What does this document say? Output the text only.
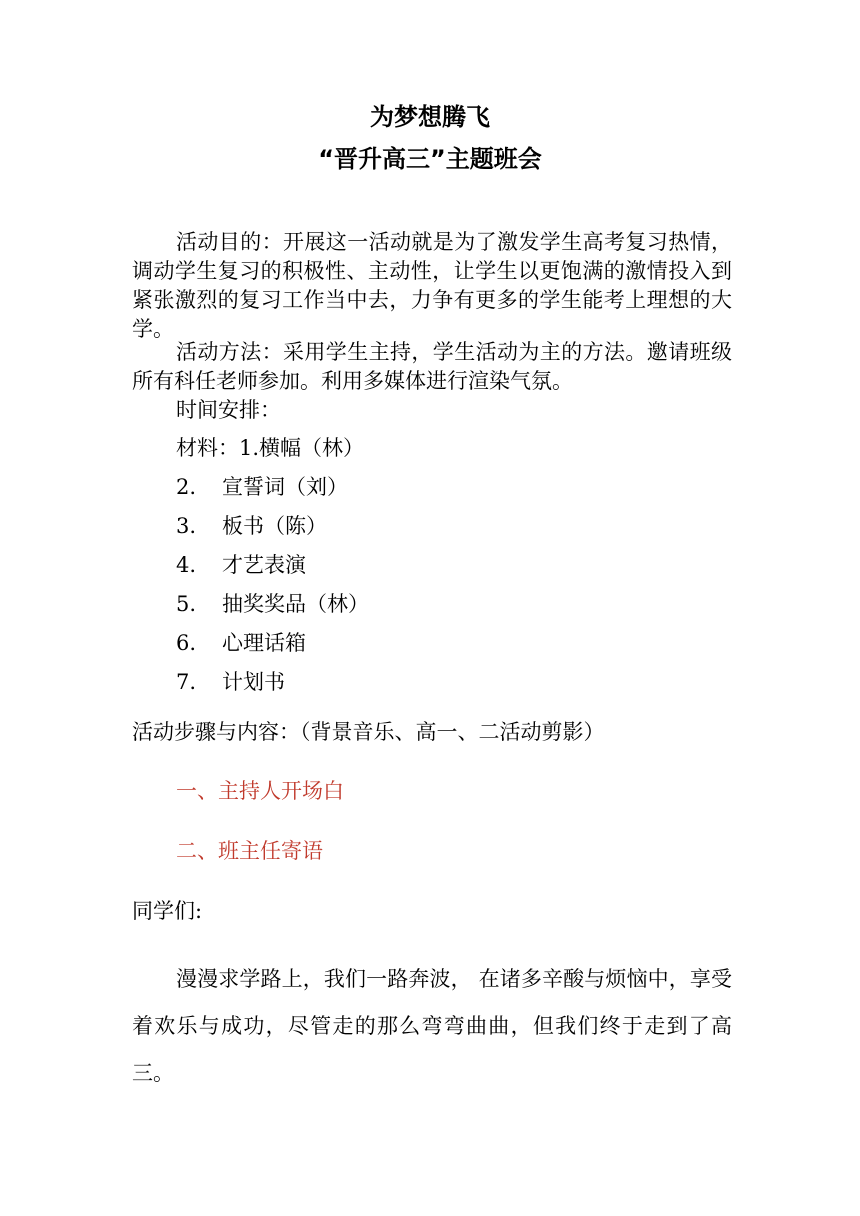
为梦想腾飞
“晋升高三”主题班会
活动目的：开展这一活动就是为了激发学生高考复习热情，调动学生复习的积极性、主动性，让学生以更饱满的激情投入到紧张激烈的复习工作当中去，力争有更多的学生能考上理想的大学。
活动方法：采用学生主持，学生活动为主的方法。邀请班级所有科任老师参加。利用多媒体进行渲染气氛。
时间安排：
材料：1.横幅（林）
2. 宣誓词（刘）
3. 板书（陈）
4. 才艺表演
5. 抽奖奖品（林）
6. 心理话箱
7. 计划书
活动步骤与内容：（背景音乐、高一、二活动剪影）
一、主持人开场白
二、班主任寄语
同学们:
漫漫求学路上，我们一路奔波， 在诸多辛酸与烦恼中，享受着欢乐与成功，尽管走的那么弯弯曲曲，但我们终于走到了高三。
